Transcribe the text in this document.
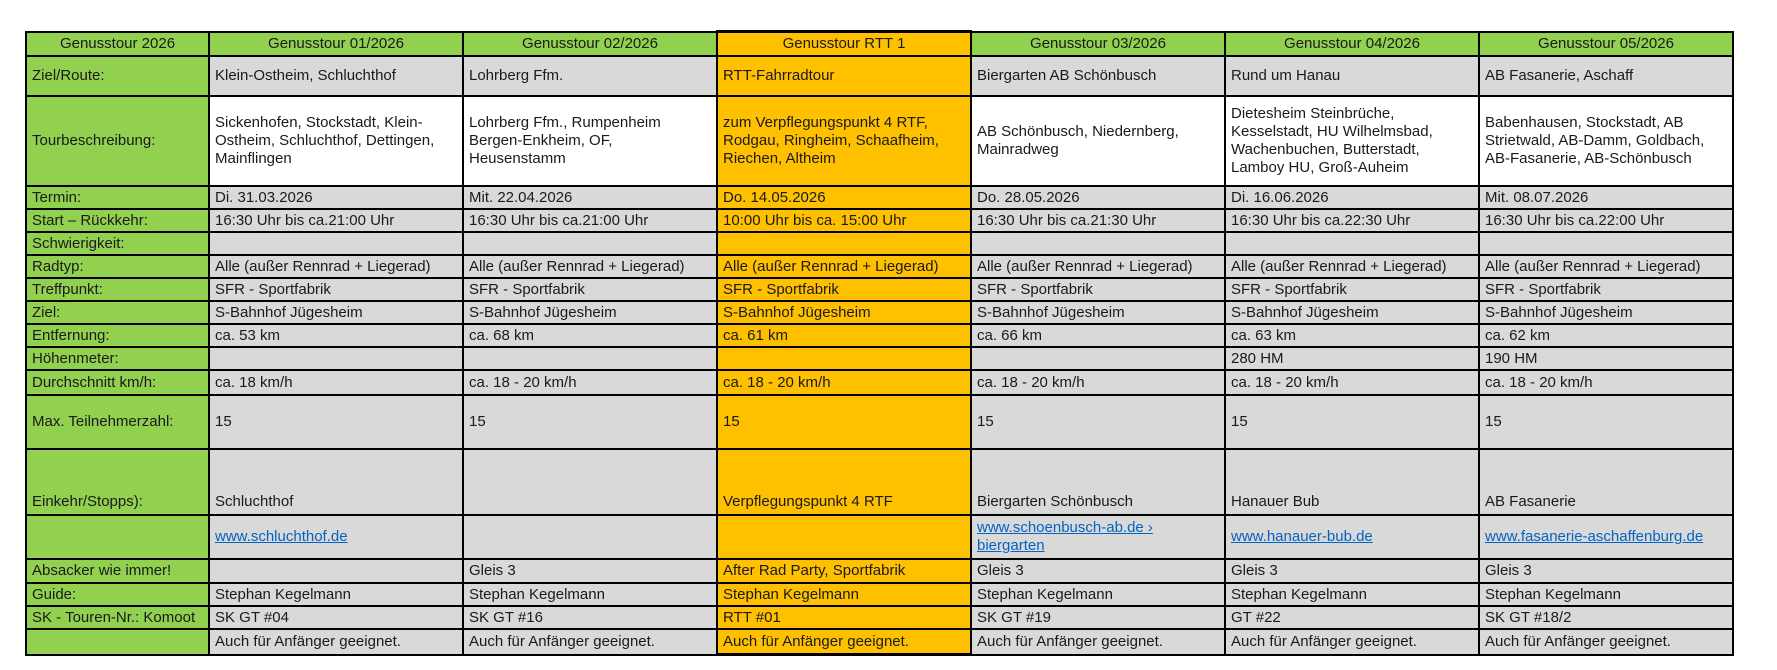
Genusstour 2026	Genusstour 01/2026	Genusstour 02/2026	Genusstour RTT 1	Genusstour 03/2026	Genusstour 04/2026	Genusstour 05/2026
Ziel/Route:	Klein-Ostheim, Schluchthof	Lohrberg Ffm.	RTT-Fahrradtour	Biergarten AB Schönbusch	Rund um Hanau	AB Fasanerie, Aschaff
Tourbeschreibung:	Sickenhofen, Stockstadt, Klein-Ostheim, Schluchthof, Dettingen, Mainflingen	Lohrberg Ffm., Rumpenheim Bergen-Enkheim, OF, Heusenstamm	zum Verpflegungspunkt 4 RTF, Rodgau, Ringheim, Schaafheim, Riechen, Altheim	AB Schönbusch, Niedernberg, Mainradweg	Dietesheim Steinbrüche, Kesselstadt, HU Wilhelmsbad, Wachenbuchen, Butterstadt, Lamboy HU, Groß-Auheim	Babenhausen, Stockstadt, AB Strietwald, AB-Damm, Goldbach, AB-Fasanerie, AB-Schönbusch
Termin:	Di. 31.03.2026	Mit. 22.04.2026	Do. 14.05.2026	Do. 28.05.2026	Di. 16.06.2026	Mit. 08.07.2026
Start – Rückkehr:	16:30 Uhr bis ca.21:00 Uhr	16:30 Uhr bis ca.21:00 Uhr	10:00 Uhr bis ca. 15:00 Uhr	16:30 Uhr bis ca.21:30 Uhr	16:30 Uhr bis ca.22:30 Uhr	16:30 Uhr bis ca.22:00 Uhr
Schwierigkeit:						
Radtyp:	Alle (außer Rennrad + Liegerad)	Alle (außer Rennrad + Liegerad)	Alle (außer Rennrad + Liegerad)	Alle (außer Rennrad + Liegerad)	Alle (außer Rennrad + Liegerad)	Alle (außer Rennrad + Liegerad)
Treffpunkt:	SFR - Sportfabrik	SFR - Sportfabrik	SFR - Sportfabrik	SFR - Sportfabrik	SFR - Sportfabrik	SFR - Sportfabrik
Ziel:	S-Bahnhof Jügesheim	S-Bahnhof Jügesheim	S-Bahnhof Jügesheim	S-Bahnhof Jügesheim	S-Bahnhof Jügesheim	S-Bahnhof Jügesheim
Entfernung:	ca. 53 km	ca. 68 km	ca. 61 km	ca. 66 km	ca. 63 km	ca. 62 km
Höhenmeter:					280 HM	190 HM
Durchschnitt km/h:	ca. 18 km/h	ca. 18 - 20 km/h	ca. 18 - 20 km/h	ca. 18 - 20 km/h	ca. 18 - 20 km/h	ca. 18 - 20 km/h
Max. Teilnehmerzahl:	15	15	15	15	15	15
Einkehr/Stopps):	Schluchthof		Verpflegungspunkt 4 RTF	Biergarten Schönbusch	Hanauer Bub	AB Fasanerie
	www.schluchthof.de			www.schoenbusch-ab.de › biergarten	www.hanauer-bub.de	www.fasanerie-aschaffenburg.de
Absacker wie immer!		Gleis 3	After Rad Party, Sportfabrik	Gleis 3	Gleis 3	Gleis 3
Guide:	Stephan Kegelmann	Stephan Kegelmann	Stephan Kegelmann	Stephan Kegelmann	Stephan Kegelmann	Stephan Kegelmann
SK - Touren-Nr.: Komoot	SK GT #04	SK GT #16	RTT #01	SK GT #19	GT #22	SK GT #18/2
	Auch für Anfänger geeignet.	Auch für Anfänger geeignet.	Auch für Anfänger geeignet.	Auch für Anfänger geeignet.	Auch für Anfänger geeignet.	Auch für Anfänger geeignet.
